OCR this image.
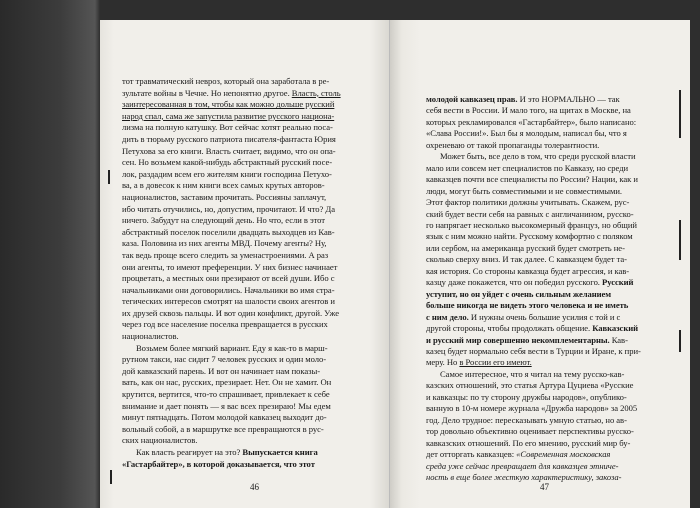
тот травматический невроз, который она заработала в ре-
зультате войны в Чечне. Но непонятно другое. Власть, столь
заинтересованная в том, чтобы как можно дольше русский
народ спал, сама же запустила развитие русского национа-
лизма на полную катушку. Вот сейчас хотят реально поса-
дить в тюрьму русского патриота писателя-фантаста Юрия
Петухова за его книги. Власть считает, видимо, что он опа-
сен. Но возьмем какой-нибудь абстрактный русский посе-
лок, раздадим всем его жителям книги господина Петухо-
ва, а в довесок к ним книги всех самых крутых авторов-
националистов, заставим прочитать. Россияны заплачут,
ибо читать отучились, но, допустим, прочитают. И что? Да
ничего. Забудут на следующий день. Но что, если в этот
абстрактный поселок поселили двадцать выходцев из Кав-
каза. Половина из них агенты МВД. Почему агенты? Ну,
так ведь проще всего следить за уменастроениями. А раз
они агенты, то имеют преференции. У них бизнес начинает
процветать, а местных они презирают от всей души. Ибо с
начальниками они договорились. Начальники во имя стра-
тегических интересов смотрят на шалости своих агентов и
их друзей сквозь пальцы. И вот один конфликт, другой. Уже
через год все население поселка превращается в русских
националистов.
Возьмем более мягкий вариант. Еду я как-то в марш-
рутном такси, нас сидит 7 человек русских и один моло-
дой кавказский парень. И вот он начинает нам показы-
вать, как он нас, русских, презирает. Нет. Он не хамит. Он
крутится, вертится, что-то спрашивает, привлекает к себе
внимание и дает понять — я вас всех презираю! Мы едем
минут пятнадцать. Потом молодой кавказец выходит до-
вольный собой, а в маршрутке все превращаются в рус-
ских националистов.
Как власть реагирует на это? Выпускается книга
«Гастарбайтер», в которой доказывается, что этот
46
молодой кавказец прав. И это НОРМАЛЬНО — так
себя вести в России. И мало того, на щитах в Москве, на
которых рекламировался «Гастарбайтер», было написано:
«Слава России!». Был бы я молодым, написал бы, что я
охреневаю от такой пропаганды толерантности.
Может быть, все дело в том, что среди русской власти
мало или совсем нет специалистов по Кавказу, но среди
кавказцев почти все специалисты по России? Нации, как и
люди, могут быть совместимыми и не совместимыми.
Этот фактор политики должны учитывать. Скажем, рус-
ский будет вести себя на равных с англичанином, русско-
го напрягает несколько высокомерный француз, но общий
язык с ним можно найти. Русскому комфортно с поляком
или сербом, на американца русский будет смотреть не-
сколько сверху вниз. И так далее. С кавказцем будет та-
кая история. Со стороны кавказца будет агрессия, и кав-
казцу даже покажется, что он победил русского. Русский
уступит, но он уйдет с очень сильным желанием
больше никогда не видеть этого человека и не иметь
с ним дело. И нужны очень большие усилия с той и с
другой стороны, чтобы продолжать общение. Кавказский
и русский мир совершенно некомплементарны. Кав-
казец будет нормально себя вести в Турции и Иране, к при-
меру. Но в России его имеют.
Самое интересное, что я читал на тему русско-кав-
казских отношений, это статья Артура Цуциева «Русские
и кавказцы: по ту сторону дружбы народов», опублико-
ванную в 10-м номере журнала «Дружба народов» за 2005
год. Дело трудное: пересказывать умную статью, но ав-
тор довольно объективно оценивает перспективы русско-
кавказских отношений. По его мнению, русский мир бу-
дет отторгать кавказцев: «Современная московская
среда уже сейчас превращает для кавказцев этниче-
ность в еще более жесткую характеристику, закоза-
47
